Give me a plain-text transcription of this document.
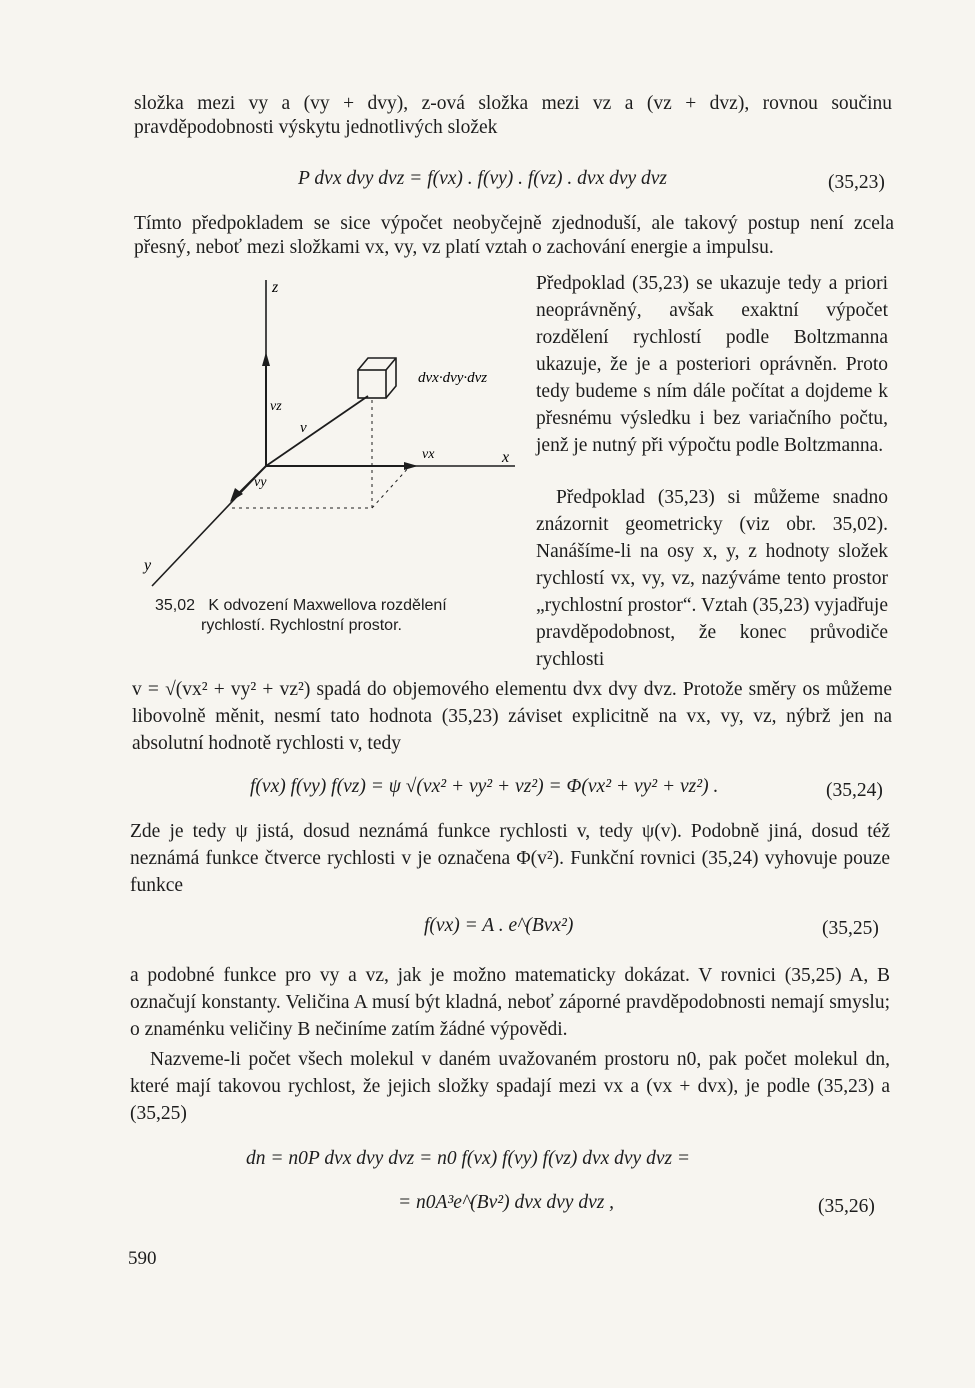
složka mezi vy a (vy + dvy), z-ová složka mezi vz a (vz + dvz), rovnou součinu pravděpodobnosti výskytu jednotlivých složek
P dvx dvy dvz = f(vx) . f(vy) . f(vz) . dvx dvy dvz	(35,23)
Tímto předpokladem se sice výpočet neobyčejně zjednoduší, ale takový postup není zcela přesný, neboť mezi složkami vx, vy, vz platí vztah o zachování energie a impulsu.
z
x
y
vz
vx
vy
v
dvx·dvy·dvz
35,02 K odvození Maxwellova rozdělení
rychlostí. Rychlostní prostor.
Předpoklad (35,23) se ukazuje tedy a priori neoprávněný, avšak exaktní výpočet rozdělení rychlostí podle Boltzmanna ukazuje, že je a posteriori oprávněn. Proto tedy budeme s ním dále počítat a dojdeme k přesnému výsledku i bez variačního počtu, jenž je nutný při výpočtu podle Boltzmanna.
Předpoklad (35,23) si můžeme snadno znázornit geometricky (viz obr. 35,02). Nanášíme-li na osy x, y, z hodnoty složek rychlostí vx, vy, vz, nazýváme tento prostor „rychlostní prostor“. Vztah (35,23) vyjadřuje pravděpodobnost, že konec průvodiče rychlosti
v = √(vx² + vy² + vz²) spadá do objemového elementu dvx dvy dvz. Protože směry os můžeme libovolně měnit, nesmí tato hodnota (35,23) záviset explicitně na vx, vy, vz, nýbrž jen na absolutní hodnotě rychlosti v, tedy
f(vx) f(vy) f(vz) = ψ √(vx² + vy² + vz²) = Φ(vx² + vy² + vz²) .	(35,24)
Zde je tedy ψ jistá, dosud neznámá funkce rychlosti v, tedy ψ(v). Podobně jiná, dosud též neznámá funkce čtverce rychlosti v je označena Φ(v²). Funkční rovnici (35,24) vyhovuje pouze funkce
f(vx) = A . e^(Bvx²)	(35,25)
a podobné funkce pro vy a vz, jak je možno matematicky dokázat. V rovnici (35,25) A, B označují konstanty. Veličina A musí být kladná, neboť záporné pravděpodobnosti nemají smyslu; o znaménku veličiny B nečiníme zatím žádné výpovědi.
Nazveme-li počet všech molekul v daném uvažovaném prostoru n0, pak počet molekul dn, které mají takovou rychlost, že jejich složky spadají mezi vx a (vx + dvx), je podle (35,23) a (35,25)
dn = n0P dvx dvy dvz = n0 f(vx) f(vy) f(vz) dvx dvy dvz =
= n0A³e^(Bv²) dvx dvy dvz ,	(35,26)
590
